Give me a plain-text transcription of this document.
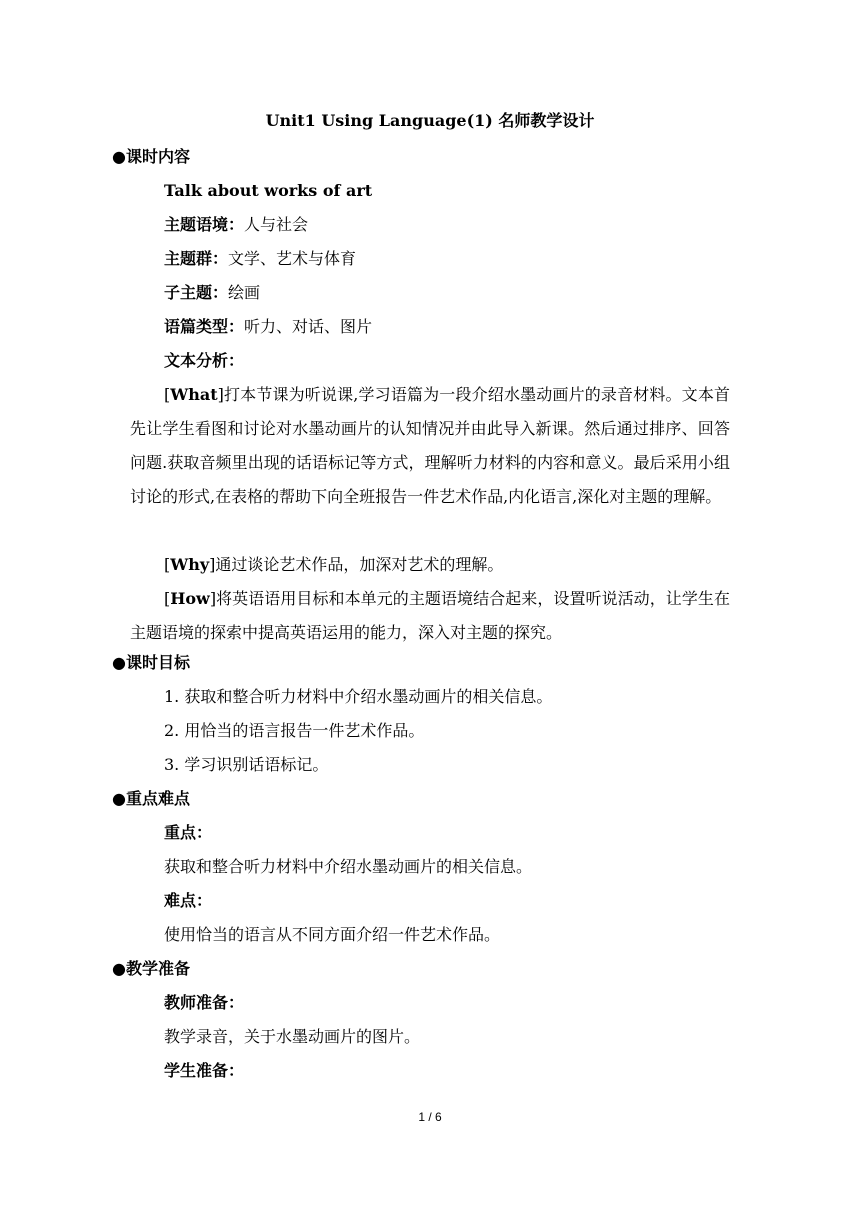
Unit1 Using Language(1) 名师教学设计
●课时内容
Talk about works of art
主题语境：人与社会
主题群：文学、艺术与体育
子主题：绘画
语篇类型：听力、对话、图片
文本分析：
[What]打本节课为听说课,学习语篇为一段介绍水墨动画片的录音材料。文本首先让学生看图和讨论对水墨动画片的认知情况并由此导入新课。然后通过排序、回答问题.获取音频里出现的话语标记等方式，理解听力材料的内容和意义。最后采用小组讨论的形式,在表格的帮助下向全班报告一件艺术作品,内化语言,深化对主题的理解。
[Why]通过谈论艺术作品，加深对艺术的理解。
[How]将英语语用目标和本单元的主题语境结合起来，设置听说活动，让学生在主题语境的探索中提高英语运用的能力，深入对主题的探究。
●课时目标
1. 获取和整合听力材料中介绍水墨动画片的相关信息。
2. 用恰当的语言报告一件艺术作品。
3. 学习识别话语标记。
●重点难点
重点：
获取和整合听力材料中介绍水墨动画片的相关信息。
难点：
使用恰当的语言从不同方面介绍一件艺术作品。
●教学准备
教师准备：
教学录音，关于水墨动画片的图片。
学生准备：
1 / 6
